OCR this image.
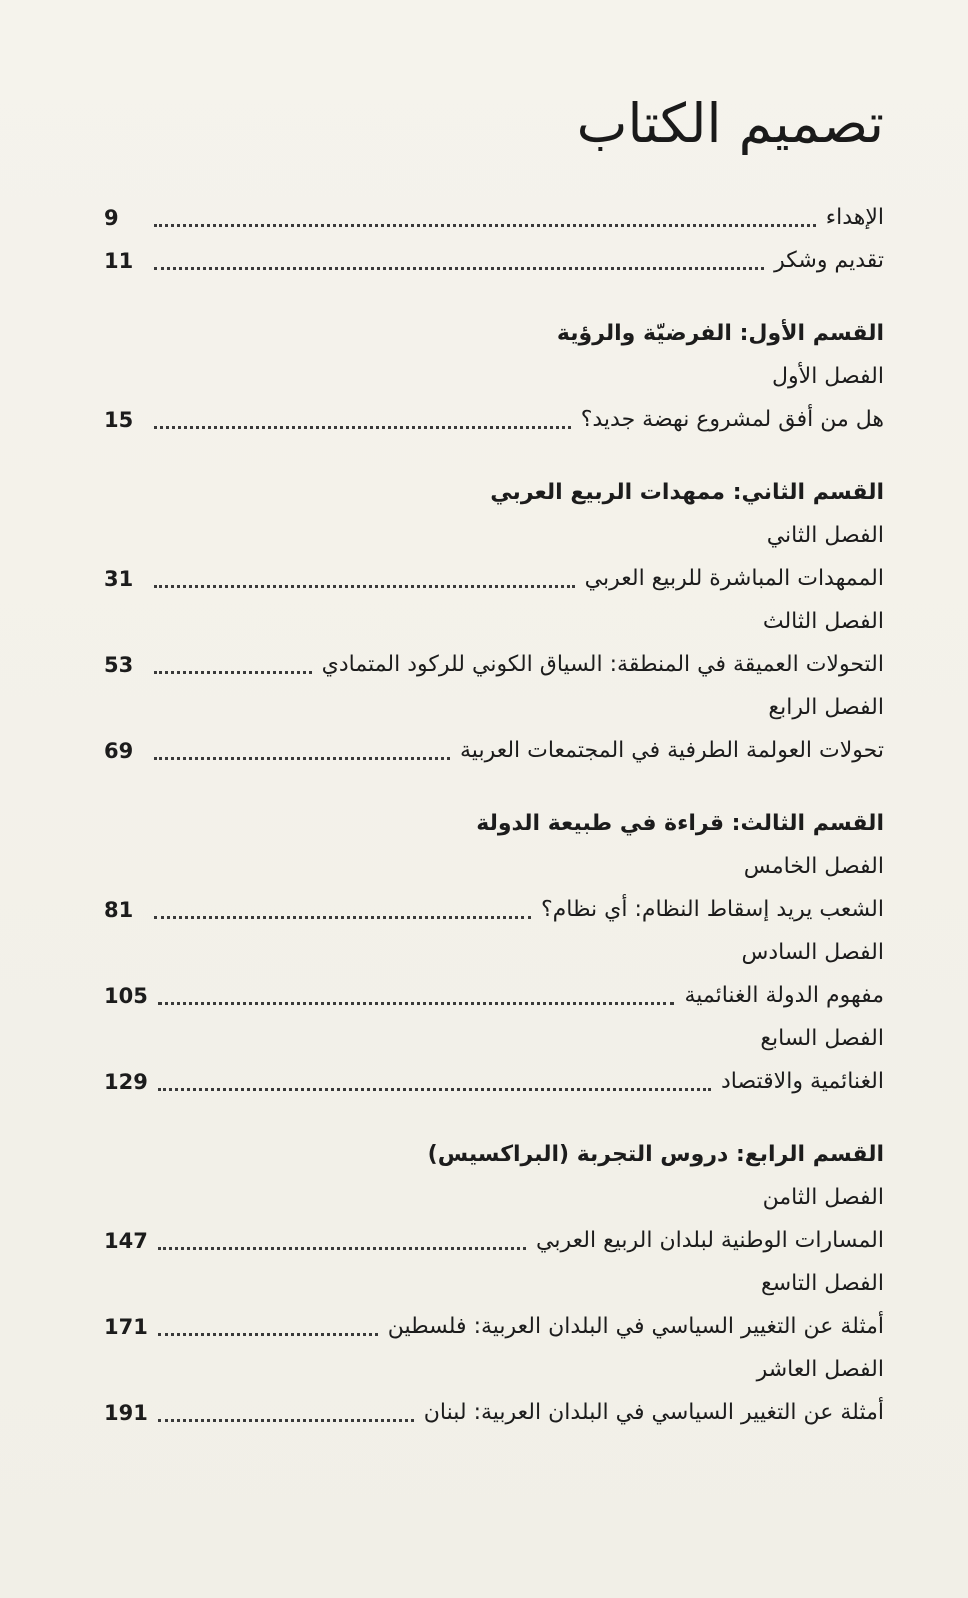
تصميم الكتاب
الإهداء
9
تقديم وشكر
11
القسم الأول: الفرضيّة والرؤية
الفصل الأول
هل من أفق لمشروع نهضة جديد؟
15
القسم الثاني: ممهدات الربيع العربي
الفصل الثاني
الممهدات المباشرة للربيع العربي
31
الفصل الثالث
التحولات العميقة في المنطقة: السياق الكوني للركود المتمادي
53
الفصل الرابع
تحولات العولمة الطرفية في المجتمعات العربية
69
القسم الثالث: قراءة في طبيعة الدولة
الفصل الخامس
الشعب يريد إسقاط النظام: أي نظام؟
81
الفصل السادس
مفهوم الدولة الغنائمية
105
الفصل السابع
الغنائمية والاقتصاد
129
القسم الرابع: دروس التجربة (البراكسيس)
الفصل الثامن
المسارات الوطنية لبلدان الربيع العربي
147
الفصل التاسع
أمثلة عن التغيير السياسي في البلدان العربية: فلسطين
171
الفصل العاشر
أمثلة عن التغيير السياسي في البلدان العربية: لبنان
191
